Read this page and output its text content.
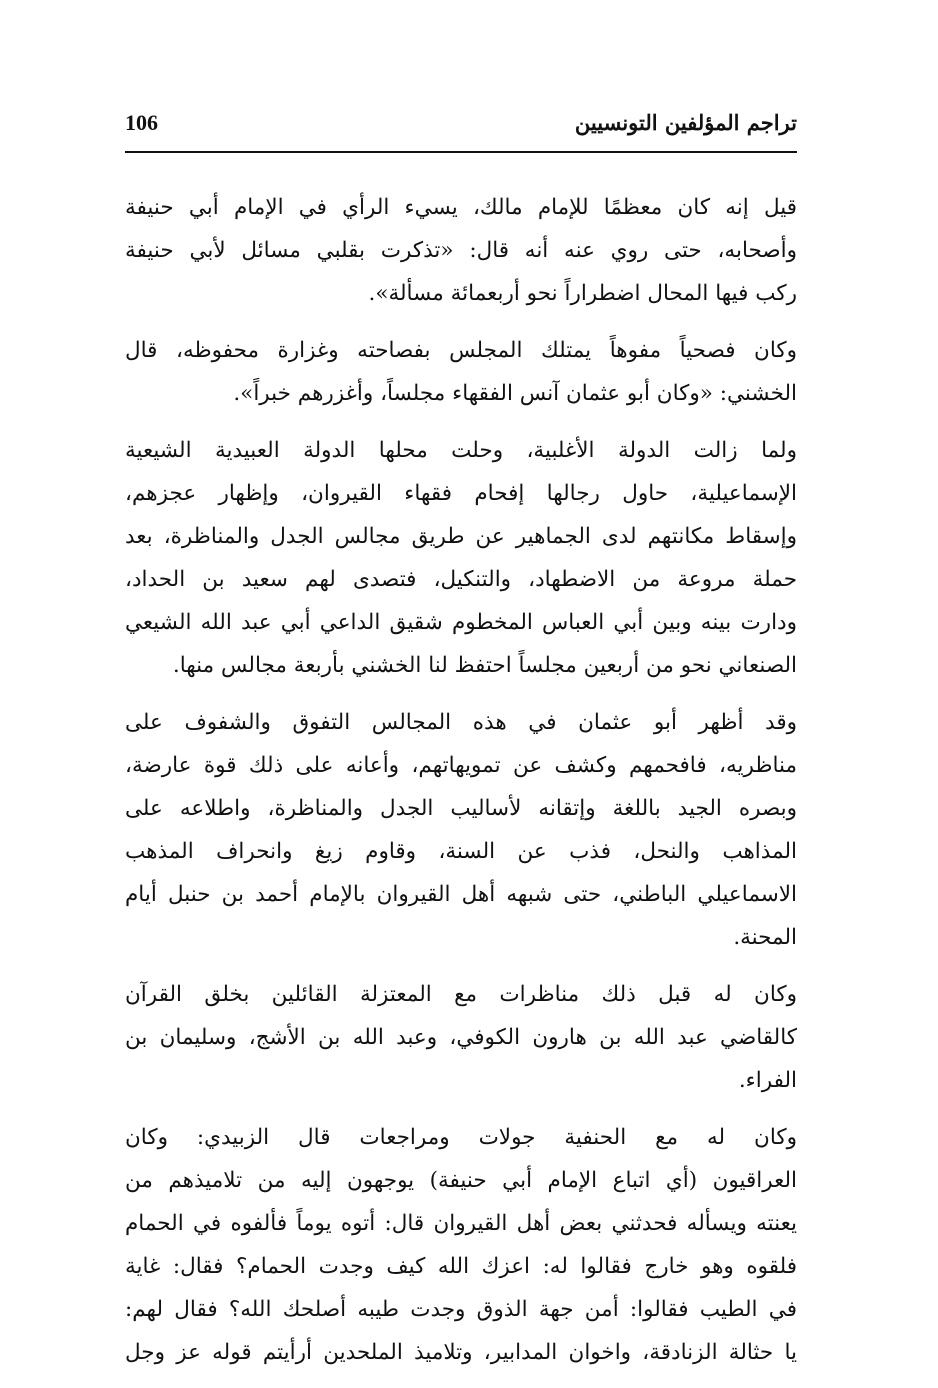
تراجم المؤلفين التونسيين
106
قيل إنه كان معظمًا للإمام مالك، يسيء الرأي في الإمام أبي حنيفة
وأصحابه، حتى روي عنه أنه قال: «تذكرت بقلبي مسائل لأبي حنيفة
ركب فيها المحال اضطراراً نحو أربعمائة مسألة».
وكان فصحياً مفوهاً يمتلك المجلس بفصاحته وغزارة محفوظه، قال
الخشني: «وكان أبو عثمان آنس الفقهاء مجلساً، وأغزرهم خبراً».
ولما زالت الدولة الأغلبية، وحلت محلها الدولة العبيدية الشيعية
الإسماعيلية، حاول رجالها إفحام فقهاء القيروان، وإظهار عجزهم،
وإسقاط مكانتهم لدى الجماهير عن طريق مجالس الجدل والمناظرة، بعد
حملة مروعة من الاضطهاد، والتنكيل، فتصدى لهم سعيد بن الحداد،
ودارت بينه وبين أبي العباس المخطوم شقيق الداعي أبي عبد الله الشيعي
الصنعاني نحو من أربعين مجلساً احتفظ لنا الخشني بأربعة مجالس منها.
وقد أظهر أبو عثمان في هذه المجالس التفوق والشفوف على
مناظريه، فافحمهم وكشف عن تمويهاتهم، وأعانه على ذلك قوة عارضة،
وبصره الجيد باللغة وإتقانه لأساليب الجدل والمناظرة، واطلاعه على
المذاهب والنحل، فذب عن السنة، وقاوم زيغ وانحراف المذهب
الاسماعيلي الباطني، حتى شبهه أهل القيروان بالإمام أحمد بن حنبل أيام
المحنة.
وكان له قبل ذلك مناظرات مع المعتزلة القائلين بخلق القرآن
كالقاضي عبد الله بن هارون الكوفي، وعبد الله بن الأشج، وسليمان بن
الفراء.
وكان له مع الحنفية جولات ومراجعات قال الزبيدي: وكان
العراقيون (أي اتباع الإمام أبي حنيفة) يوجهون إليه من تلاميذهم من
يعنته ويسأله فحدثني بعض أهل القيروان قال: أتوه يوماً فألفوه في الحمام
فلقوه وهو خارج فقالوا له: اعزك الله كيف وجدت الحمام؟ فقال: غاية
في الطيب فقالوا: أمن جهة الذوق وجدت طيبه أصلحك الله؟ فقال لهم:
يا حثالة الزنادقة، واخوان المدابير، وتلاميذ الملحدين أرأيتم قوله عز وجل
